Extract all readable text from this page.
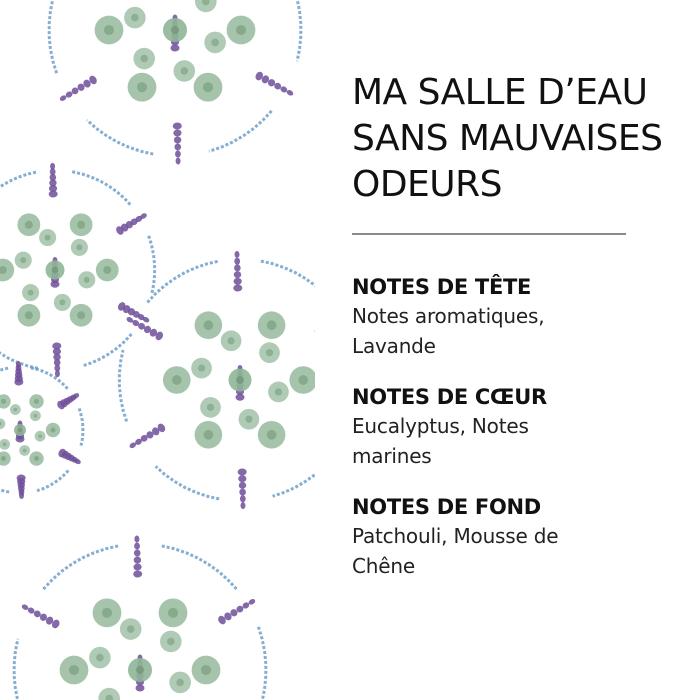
MA SALLE D’EAU
SANS MAUVAISES
ODEURS
NOTES DE TÊTE
Notes aromatiques, Lavande
NOTES DE CŒUR
Eucalyptus, Notes marines
NOTES DE FOND
Patchouli, Mousse de Chêne
